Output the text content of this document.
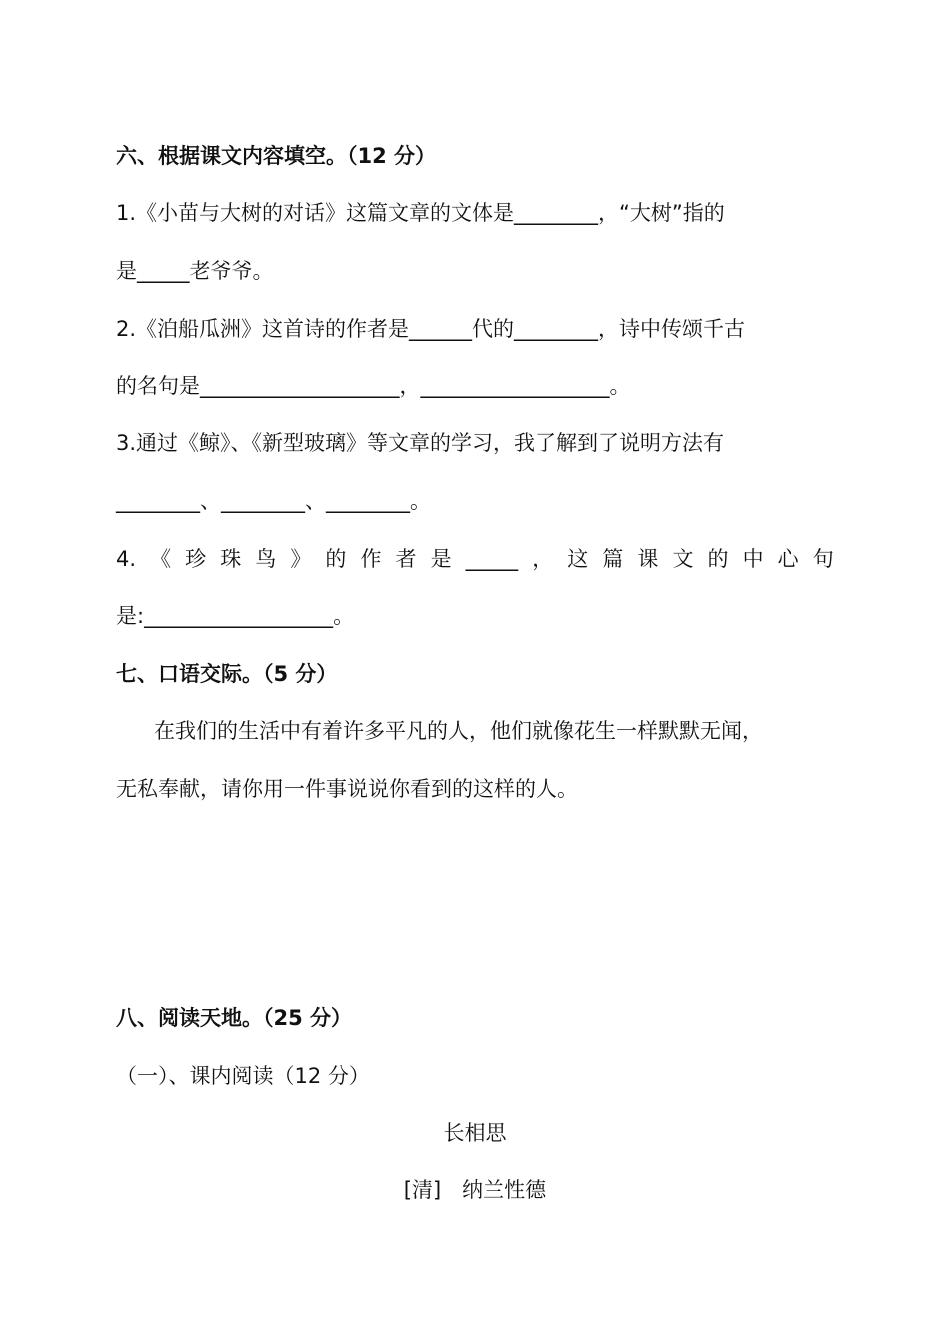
六、根据课文内容填空。（12 分）
1.《小苗与大树的对话》这篇文章的文体是________，“大树”指的
是_____老爷爷。
2.《泊船瓜洲》这首诗的作者是______代的________，诗中传颂千古
的名句是___________________，__________________。
3.通过《鲸》、《新型玻璃》等文章的学习，我了解到了说明方法有
________、________、________。
4. 《 珍 珠 鸟 》 的 作 者 是 _____ ， 这 篇 课 文 的 中 心 句
是:__________________。
七、口语交际。（5 分）
在我们的生活中有着许多平凡的人，他们就像花生一样默默无闻，
无私奉献，请你用一件事说说你看到的这样的人。
八、阅读天地。（25 分）
（一）、课内阅读（12 分）
长相思
[清]　纳兰性德
